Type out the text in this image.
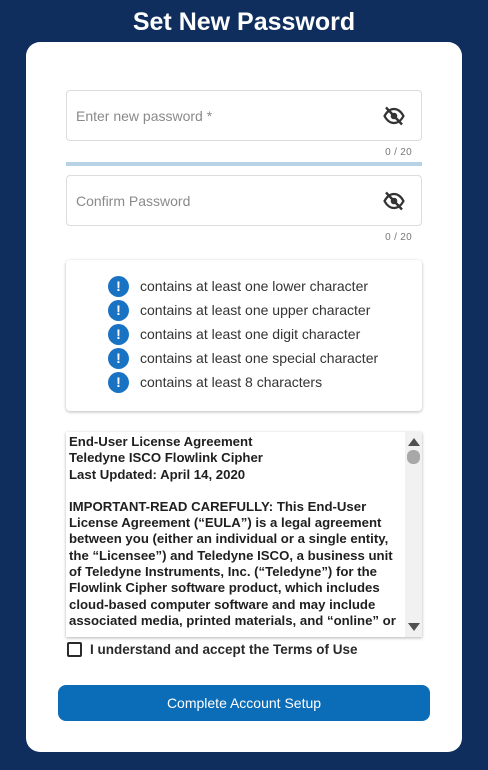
Set New Password
0 / 20
0 / 20
!	contains at least one lower character
!	contains at least one upper character
!	contains at least one digit character
!	contains at least one special character
!	contains at least 8 characters

End-User License Agreement

Teledyne ISCO Flowlink Cipher

Last Updated: April 14, 2020

IMPORTANT-READ CAREFULLY: This End-User

License Agreement (“EULA”) is a legal agreement

between you (either an individual or a single entity,

the “Licensee”) and Teledyne ISCO, a business unit

of Teledyne Instruments, Inc. (“Teledyne”) for the

Flowlink Cipher software product, which includes

cloud-based computer software and may include

associated media, printed materials, and “online” or

I understand and accept the Terms of Use
Complete Account Setup
